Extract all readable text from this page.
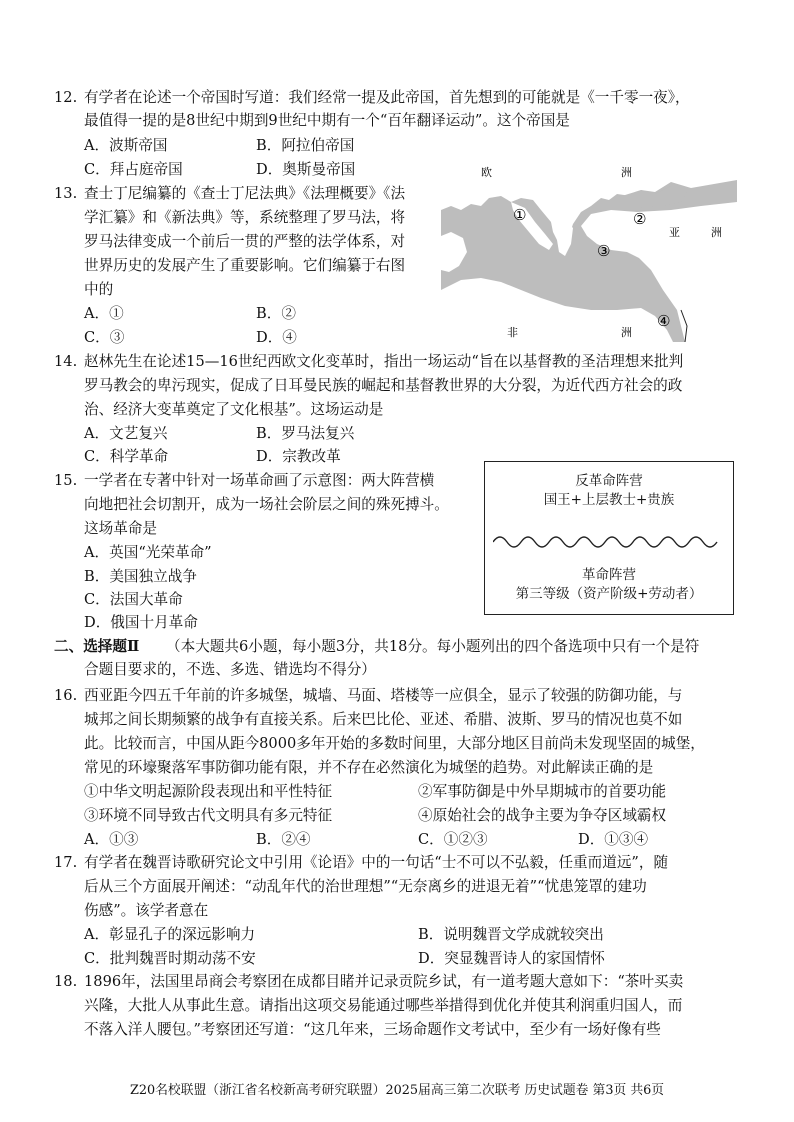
12. 有学者在论述一个帝国时写道：我们经常一提及此帝国，首先想到的可能就是《一千零一夜》，
最值得一提的是8世纪中期到9世纪中期有一个“百年翻译运动”。这个帝国是
A．波斯帝国	B．阿拉伯帝国
C．拜占庭帝国	D．奥斯曼帝国
13. 查士丁尼编纂的《查士丁尼法典》《法理概要》《法
学汇纂》和《新法典》等，系统整理了罗马法，将
罗马法律变成一个前后一贯的严整的法学体系，对
世界历史的发展产生了重要影响。它们编纂于右图
中的
A．①	B．②
C．③	D．④
欧	洲
亚	洲
非	洲
①	②
③
④
14. 赵林先生在论述15—16世纪西欧文化变革时，指出一场运动“旨在以基督教的圣洁理想来批判
罗马教会的卑污现实，促成了日耳曼民族的崛起和基督教世界的大分裂，为近代西方社会的政
治、经济大变革奠定了文化根基”。这场运动是
A．文艺复兴	B．罗马法复兴
C．科学革命	D．宗教改革
15. 一学者在专著中针对一场革命画了示意图：两大阵营横
向地把社会切割开，成为一场社会阶层之间的殊死搏斗。
这场革命是
A．英国“光荣革命”
B．美国独立战争
C．法国大革命
D．俄国十月革命
反革命阵营
国王+上层教士+贵族
革命阵营
第三等级（资产阶级+劳动者）
二、选择题Ⅱ （本大题共6小题，每小题3分，共18分。每小题列出的四个备选项中只有一个是符
合题目要求的，不选、多选、错选均不得分）
16. 西亚距今四五千年前的许多城堡，城墙、马面、塔楼等一应俱全，显示了较强的防御功能，与
城邦之间长期频繁的战争有直接关系。后来巴比伦、亚述、希腊、波斯、罗马的情况也莫不如
此。比较而言，中国从距今8000多年开始的多数时间里，大部分地区目前尚未发现坚固的城堡，
常见的环壕聚落军事防御功能有限，并不存在必然演化为城堡的趋势。对此解读正确的是
①中华文明起源阶段表现出和平性特征	②军事防御是中外早期城市的首要功能
③环境不同导致古代文明具有多元特征	④原始社会的战争主要为争夺区域霸权
A．①③	B．②④	C．①②③	D．①③④
17. 有学者在魏晋诗歌研究论文中引用《论语》中的一句话“士不可以不弘毅，任重而道远”，随
后从三个方面展开阐述：“动乱年代的治世理想”“无奈离乡的进退无着”“忧患笼罩的建功
伤感”。该学者意在
A．彰显孔子的深远影响力	B．说明魏晋文学成就较突出
C．批判魏晋时期动荡不安	D．突显魏晋诗人的家国情怀
18. 1896年，法国里昂商会考察团在成都目睹并记录贡院乡试，有一道考题大意如下：“茶叶买卖
兴隆，大批人从事此生意。请指出这项交易能通过哪些举措得到优化并使其利润重归国人，而
不落入洋人腰包。”考察团还写道：“这几年来，三场命题作文考试中，至少有一场好像有些
Z20名校联盟（浙江省名校新高考研究联盟）2025届高三第二次联考 历史试题卷 第3页 共6页
